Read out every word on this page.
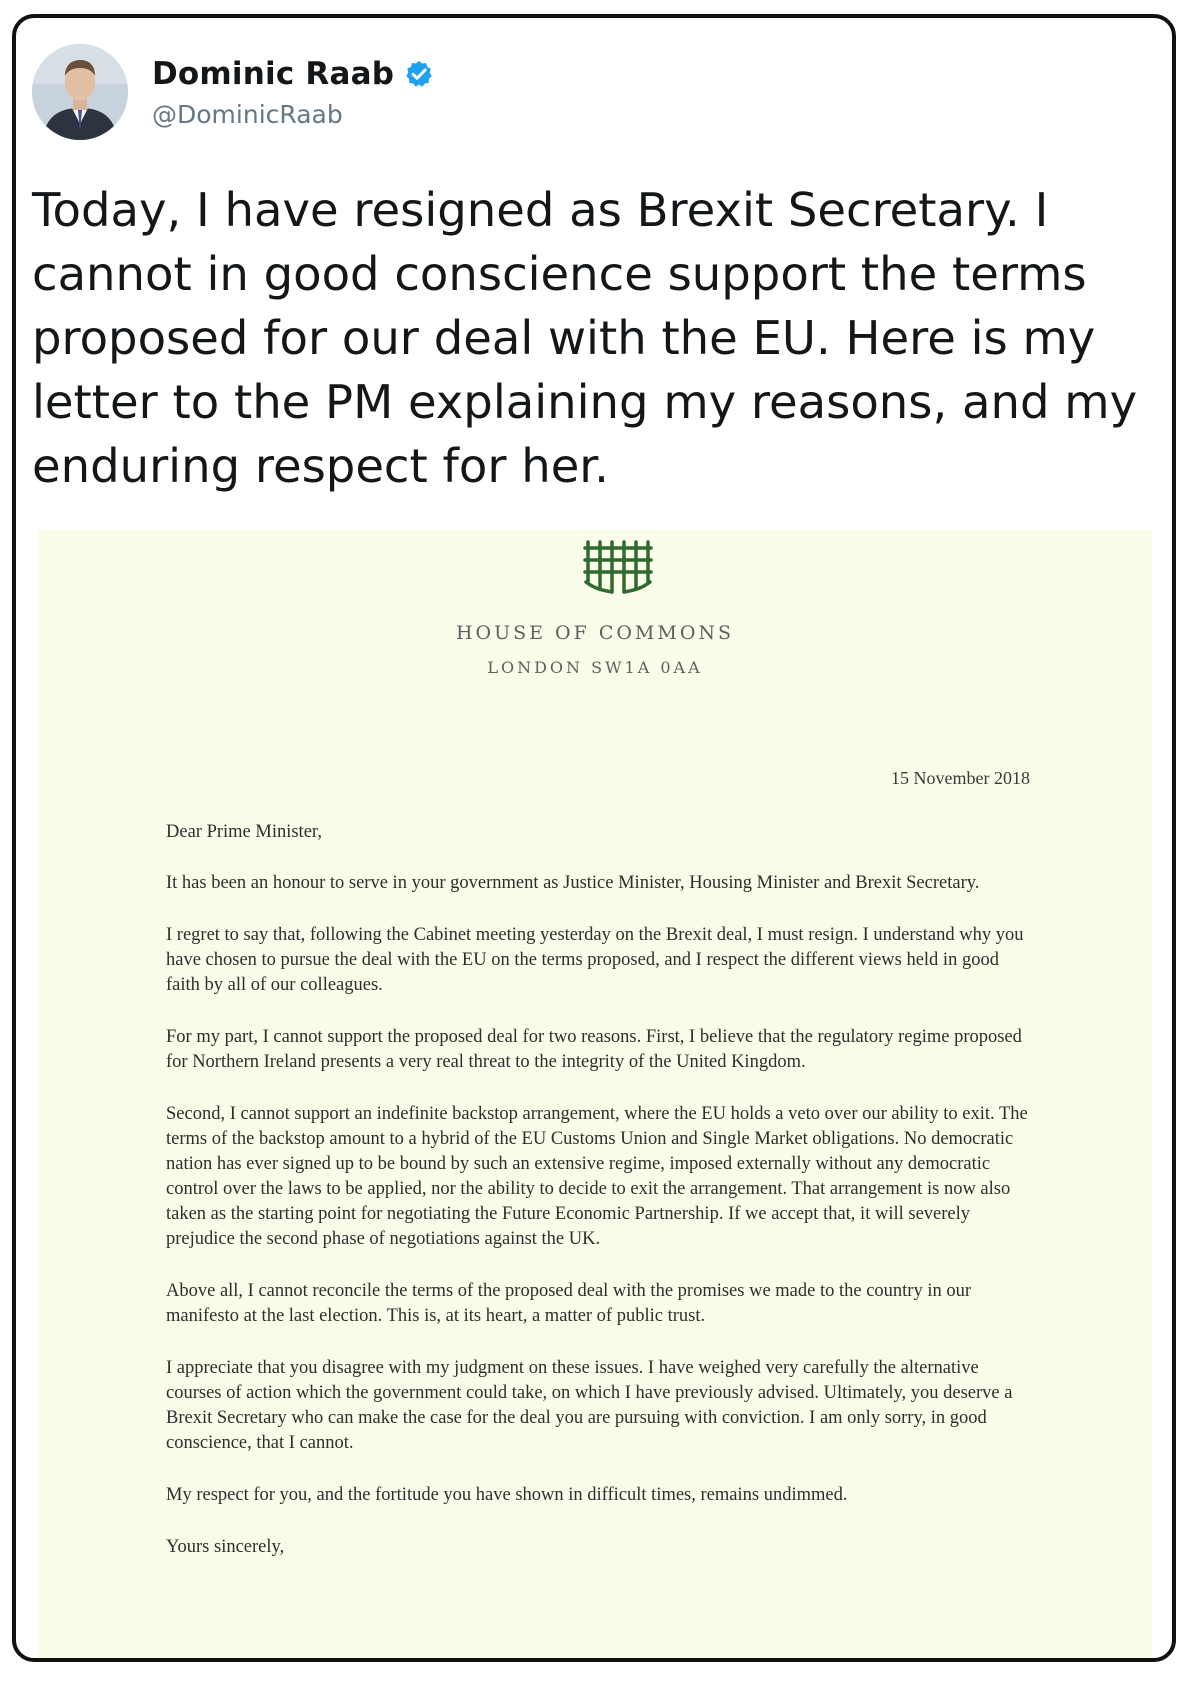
Dominic Raab
@DominicRaab

Today, I have resigned as Brexit Secretary. I cannot in good conscience support the terms proposed for our deal with the EU. Here is my letter to the PM explaining my reasons, and my enduring respect for her.

HOUSE OF COMMONS
LONDON SW1A 0AA
15 November 2018

Dear Prime Minister,

It has been an honour to serve in your government as Justice Minister, Housing Minister and Brexit Secretary.

I regret to say that, following the Cabinet meeting yesterday on the Brexit deal, I must resign. I understand why you have chosen to pursue the deal with the EU on the terms proposed, and I respect the different views held in good faith by all of our colleagues.

For my part, I cannot support the proposed deal for two reasons. First, I believe that the regulatory regime proposed for Northern Ireland presents a very real threat to the integrity of the United Kingdom.

Second, I cannot support an indefinite backstop arrangement, where the EU holds a veto over our ability to exit. The terms of the backstop amount to a hybrid of the EU Customs Union and Single Market obligations. No democratic nation has ever signed up to be bound by such an extensive regime, imposed externally without any democratic control over the laws to be applied, nor the ability to decide to exit the arrangement. That arrangement is now also taken as the starting point for negotiating the Future Economic Partnership. If we accept that, it will severely prejudice the second phase of negotiations against the UK.

Above all, I cannot reconcile the terms of the proposed deal with the promises we made to the country in our manifesto at the last election. This is, at its heart, a matter of public trust.

I appreciate that you disagree with my judgment on these issues. I have weighed very carefully the alternative courses of action which the government could take, on which I have previously advised. Ultimately, you deserve a Brexit Secretary who can make the case for the deal you are pursuing with conviction. I am only sorry, in good conscience, that I cannot.

My respect for you, and the fortitude you have shown in difficult times, remains undimmed.

Yours sincerely,
